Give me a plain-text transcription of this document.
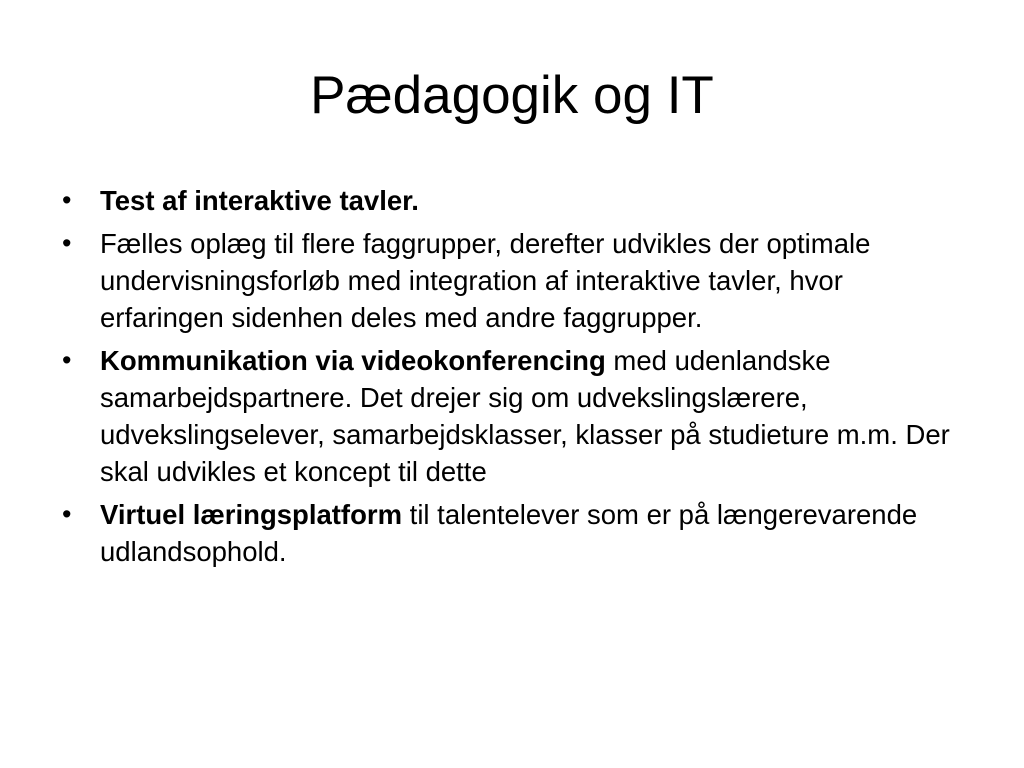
Pædagogik og IT
•	Test af interaktive tavler.
•	Fælles oplæg til flere faggrupper, derefter udvikles der optimale undervisningsforløb med integration af interaktive tavler, hvor erfaringen sidenhen deles med andre faggrupper.
•	Kommunikation via videokonferencing med udenlandske samarbejdspartnere. Det drejer sig om udvekslingslærere, udvekslingselever, samarbejdsklasser, klasser på studieture m.m. Der skal udvikles et koncept til dette
•	Virtuel læringsplatform til talentelever som er på længerevarende udlandsophold.
